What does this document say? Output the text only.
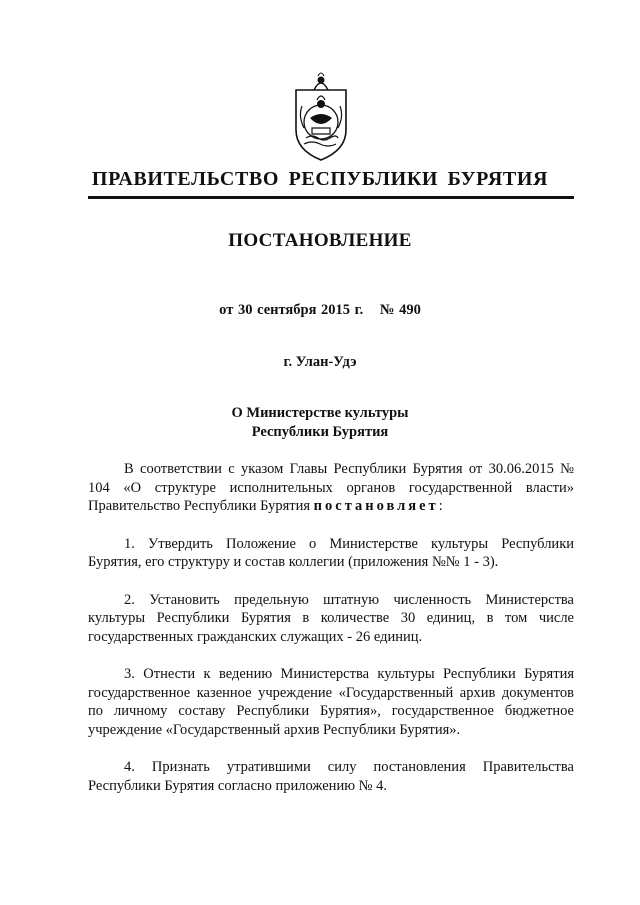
ПРАВИТЕЛЬСТВО РЕСПУБЛИКИ БУРЯТИЯ
ПОСТАНОВЛЕНИЕ
от 30 сентября 2015 г. № 490
г. Улан-Удэ
О Министерстве культуры
Республики Бурятия

В соответствии с указом Главы Республики Бурятия от 30.06.2015 № 104 «О структуре исполнительных органов государственной власти» Правительство Республики Бурятия постановляет:

1. Утвердить Положение о Министерстве культуры Республики Бурятия, его структуру и состав коллегии (приложения №№ 1 - 3).

2. Установить предельную штатную численность Министерства культуры Республики Бурятия в количестве 30 единиц, в том числе государственных гражданских служащих - 26 единиц.

3. Отнести к ведению Министерства культуры Республики Бурятия государственное казенное учреждение «Государственный архив документов по личному составу Республики Бурятия», государственное бюджетное учреждение «Государственный архив Республики Бурятия».

4. Признать утратившими силу постановления Правительства Республики Бурятия согласно приложению № 4.
